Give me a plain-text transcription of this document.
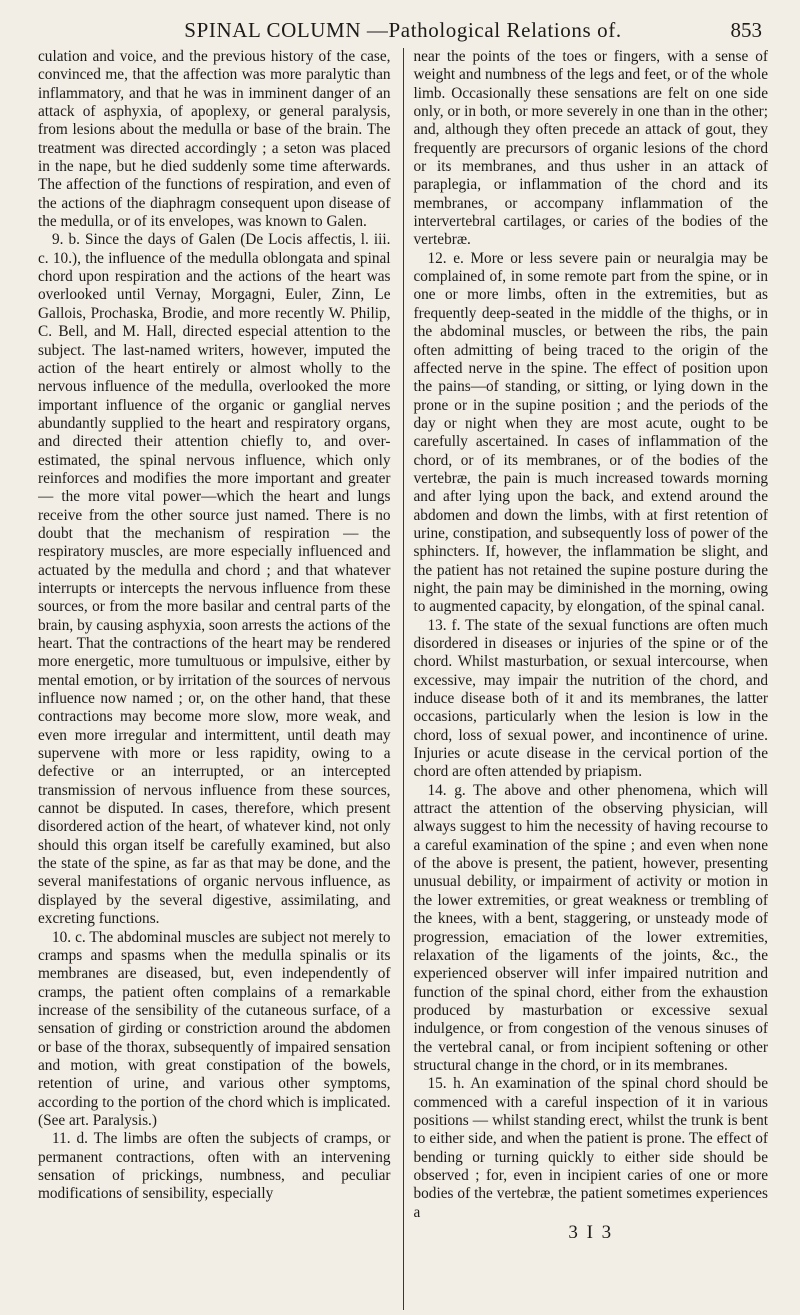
SPINAL COLUMN —Pathological Relations of.	853

culation and voice, and the previous history of the case, convinced me, that the affection was more paralytic than inflammatory, and that he was in imminent danger of an attack of asphyxia, of apoplexy, or general paralysis, from lesions about the medulla or base of the brain. The treatment was directed accordingly ; a seton was placed in the nape, but he died suddenly some time afterwards. The affection of the functions of respiration, and even of the actions of the diaphragm consequent upon disease of the medulla, or of its envelopes, was known to Galen.

9. b. Since the days of Galen (De Locis affectis, l. iii. c. 10.), the influence of the medulla oblongata and spinal chord upon respiration and the actions of the heart was overlooked until Vernay, Morgagni, Euler, Zinn, Le Gallois, Prochaska, Brodie, and more recently W. Philip, C. Bell, and M. Hall, directed especial attention to the subject. The last-named writers, however, imputed the action of the heart entirely or almost wholly to the nervous influence of the medulla, overlooked the more important influence of the organic or ganglial nerves abundantly supplied to the heart and respiratory organs, and directed their attention chiefly to, and over-estimated, the spinal nervous influence, which only reinforces and modifies the more important and greater — the more vital power—which the heart and lungs receive from the other source just named. There is no doubt that the mechanism of respiration — the respiratory muscles, are more especially influenced and actuated by the medulla and chord ; and that whatever interrupts or intercepts the nervous influence from these sources, or from the more basilar and central parts of the brain, by causing asphyxia, soon arrests the actions of the heart. That the contractions of the heart may be rendered more energetic, more tumultuous or impulsive, either by mental emotion, or by irritation of the sources of nervous influence now named ; or, on the other hand, that these contractions may become more slow, more weak, and even more irregular and intermittent, until death may supervene with more or less rapidity, owing to a defective or an interrupted, or an intercepted transmission of nervous influence from these sources, cannot be disputed. In cases, therefore, which present disordered action of the heart, of whatever kind, not only should this organ itself be carefully examined, but also the state of the spine, as far as that may be done, and the several manifestations of organic nervous influence, as displayed by the several digestive, assimilating, and excreting functions.

10. c. The abdominal muscles are subject not merely to cramps and spasms when the medulla spinalis or its membranes are diseased, but, even independently of cramps, the patient often complains of a remarkable increase of the sensibility of the cutaneous surface, of a sensation of girding or constriction around the abdomen or base of the thorax, subsequently of impaired sensation and motion, with great constipation of the bowels, retention of urine, and various other symptoms, according to the portion of the chord which is implicated. (See art. Paralysis.)

11. d. The limbs are often the subjects of cramps, or permanent contractions, often with an intervening sensation of prickings, numbness, and peculiar modifications of sensibility, especially

near the points of the toes or fingers, with a sense of weight and numbness of the legs and feet, or of the whole limb. Occasionally these sensations are felt on one side only, or in both, or more severely in one than in the other; and, although they often precede an attack of gout, they frequently are precursors of organic lesions of the chord or its membranes, and thus usher in an attack of paraplegia, or inflammation of the chord and its membranes, or accompany inflammation of the intervertebral cartilages, or caries of the bodies of the vertebræ.

12. e. More or less severe pain or neuralgia may be complained of, in some remote part from the spine, or in one or more limbs, often in the extremities, but as frequently deep-seated in the middle of the thighs, or in the abdominal muscles, or between the ribs, the pain often admitting of being traced to the origin of the affected nerve in the spine. The effect of position upon the pains—of standing, or sitting, or lying down in the prone or in the supine position ; and the periods of the day or night when they are most acute, ought to be carefully ascertained. In cases of inflammation of the chord, or of its membranes, or of the bodies of the vertebræ, the pain is much increased towards morning and after lying upon the back, and extend around the abdomen and down the limbs, with at first retention of urine, constipation, and subsequently loss of power of the sphincters. If, however, the inflammation be slight, and the patient has not retained the supine posture during the night, the pain may be diminished in the morning, owing to augmented capacity, by elongation, of the spinal canal.

13. f. The state of the sexual functions are often much disordered in diseases or injuries of the spine or of the chord. Whilst masturbation, or sexual intercourse, when excessive, may impair the nutrition of the chord, and induce disease both of it and its membranes, the latter occasions, particularly when the lesion is low in the chord, loss of sexual power, and incontinence of urine. Injuries or acute disease in the cervical portion of the chord are often attended by priapism.

14. g. The above and other phenomena, which will attract the attention of the observing physician, will always suggest to him the necessity of having recourse to a careful examination of the spine ; and even when none of the above is present, the patient, however, presenting unusual debility, or impairment of activity or motion in the lower extremities, or great weakness or trembling of the knees, with a bent, staggering, or unsteady mode of progression, emaciation of the lower extremities, relaxation of the ligaments of the joints, &c., the experienced observer will infer impaired nutrition and function of the spinal chord, either from the exhaustion produced by masturbation or excessive sexual indulgence, or from congestion of the venous sinuses of the vertebral canal, or from incipient softening or other structural change in the chord, or in its membranes.

15. h. An examination of the spinal chord should be commenced with a careful inspection of it in various positions — whilst standing erect, whilst the trunk is bent to either side, and when the patient is prone. The effect of bending or turning quickly to either side should be observed ; for, even in incipient caries of one or more bodies of the vertebræ, the patient sometimes experiences a

3 I 3
